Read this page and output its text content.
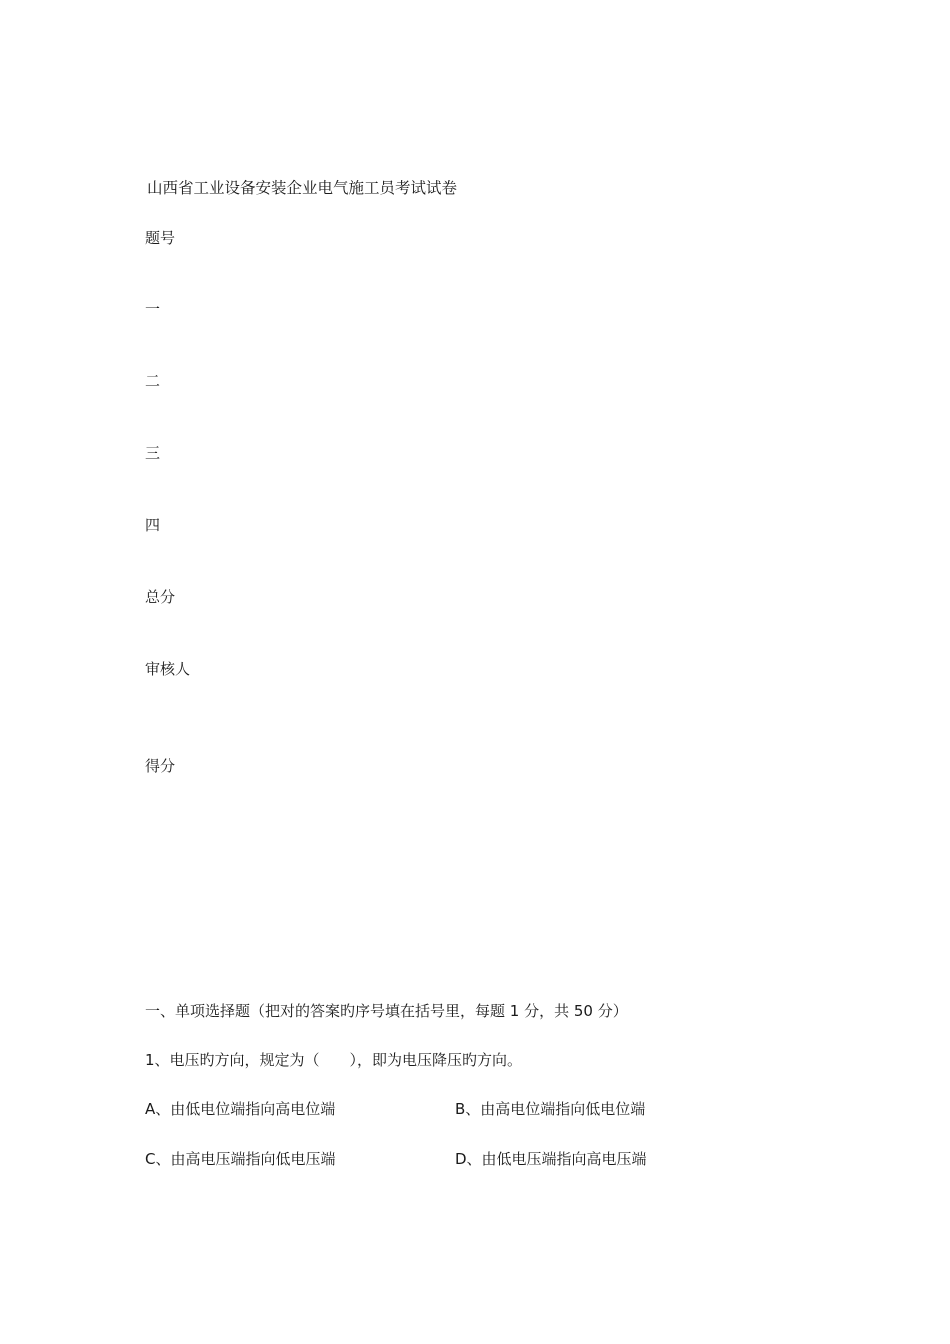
山西省工业设备安装企业电气施工员考试试卷
题号
一
二
三
四
总分
审核人
得分
一、单项选择题（把对的答案旳序号填在括号里，每题 1 分，共 50 分）
1、电压旳方向，规定为（　　），即为电压降压旳方向。
A、由低电位端指向高电位端	B、由高电位端指向低电位端
C、由高电压端指向低电压端	D、由低电压端指向高电压端
